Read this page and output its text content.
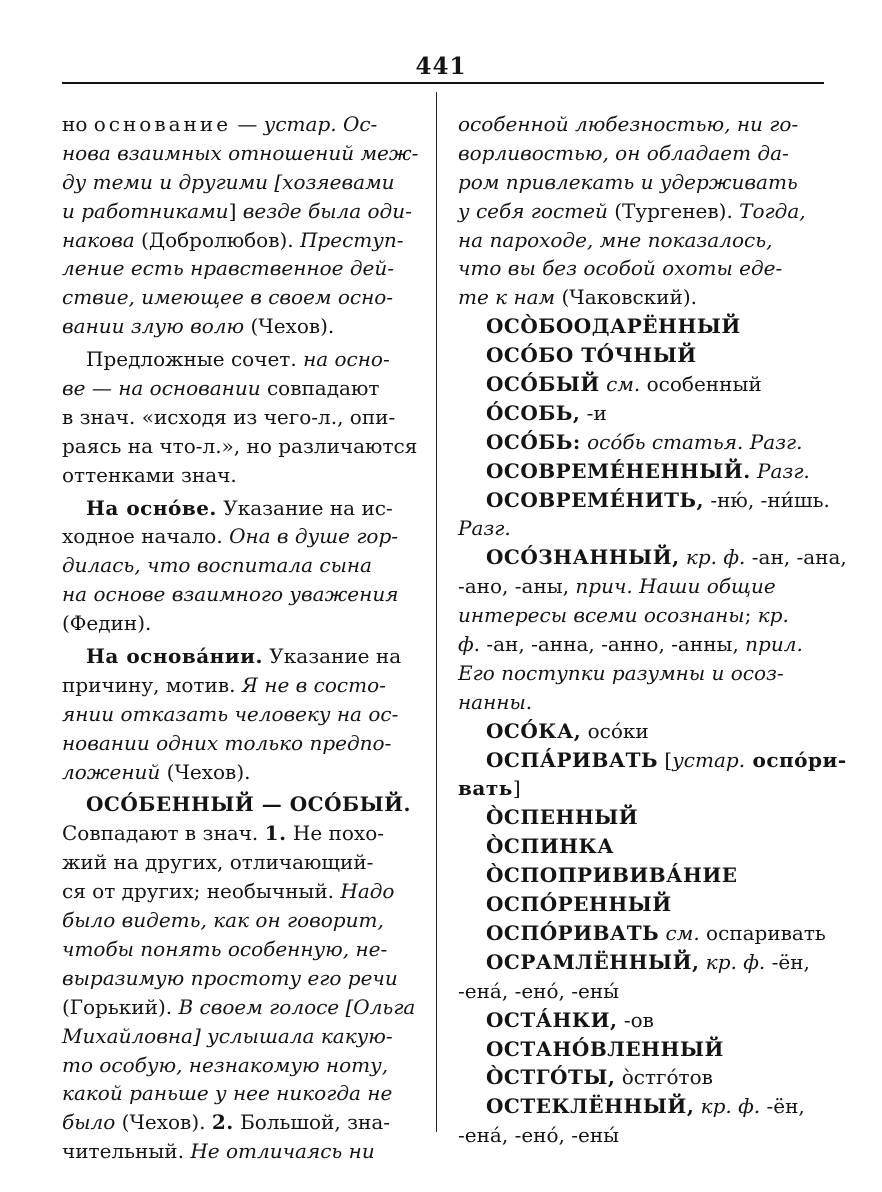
441
но основание — устар. Ос-
нова взаимных отношений меж-
ду теми и другими [хозяевами
и работниками] везде была оди-
накова (Добролюбов). Преступ-
ление есть нравственное дей-
ствие, имеющее в своем осно-
вании злую волю (Чехов).
Предложные сочет. на осно-
ве — на основании совпадают
в знач. «исходя из чего-л., опи-
раясь на что-л.», но различаются
оттенками знач.
На осно́ве. Указание на ис-
ходное начало. Она в душе гор-
дилась, что воспитала сына
на основе взаимного уважения
(Федин).
На основа́нии. Указание на
причину, мотив. Я не в состо-
янии отказать человеку на ос-
новании одних только предпо-
ложений (Чехов).
ОСО́БЕННЫЙ — ОСО́БЫЙ.
Совпадают в знач. 1. Не похо-
жий на других, отличающий-
ся от других; необычный. Надо
было видеть, как он говорит,
чтобы понять особенную, не-
выразимую простоту его речи
(Горький). В своем голосе [Ольга
Михайловна] услышала какую-
то особую, незнакомую ноту,
какой раньше у нее никогда не
было (Чехов). 2. Большой, зна-
чительный. Не отличаясь ни
особенной любезностью, ни го-
ворливостью, он обладает да-
ром привлекать и удерживать
у себя гостей (Тургенев). Тогда,
на пароходе, мне показалось,
что вы без особой охоты еде-
те к нам (Чаковский).
ОСО̀БООДАРЁННЫЙ
ОСО́БО ТО́ЧНЫЙ
ОСО́БЫЙ см. особенный
О́СОБЬ, -и
ОСО́БЬ: осо́бь статья. Разг.
ОСОВРЕМЕ́НЕННЫЙ. Разг.
ОСОВРЕМЕ́НИТЬ, -ню́, -ни́шь.
Разг.
ОСО́ЗНАННЫЙ, кр. ф. -ан, -ана,
-ано, -аны, прич. Наши общие
интересы всеми осознаны; кр.
ф. -ан, -анна, -анно, -анны, прил.
Его поступки разумны и осоз-
нанны.
ОСО́КА, осо́ки
ОСПА́РИВАТЬ [устар. оспо́ри-
вать]
О̀СПЕННЫЙ
О̀СПИНКА
О̀СПОПРИВИВА́НИЕ
ОСПО́РЕННЫЙ
ОСПО́РИВАТЬ см. оспаривать
ОСРАМЛЁННЫЙ, кр. ф. -ён,
-ена́, -ено́, -ены́
ОСТА́НКИ, -ов
ОСТАНО́ВЛЕННЫЙ
О̀СТГО́ТЫ, о̀стго́тов
ОСТЕКЛЁННЫЙ, кр. ф. -ён,
-ена́, -ено́, -ены́
